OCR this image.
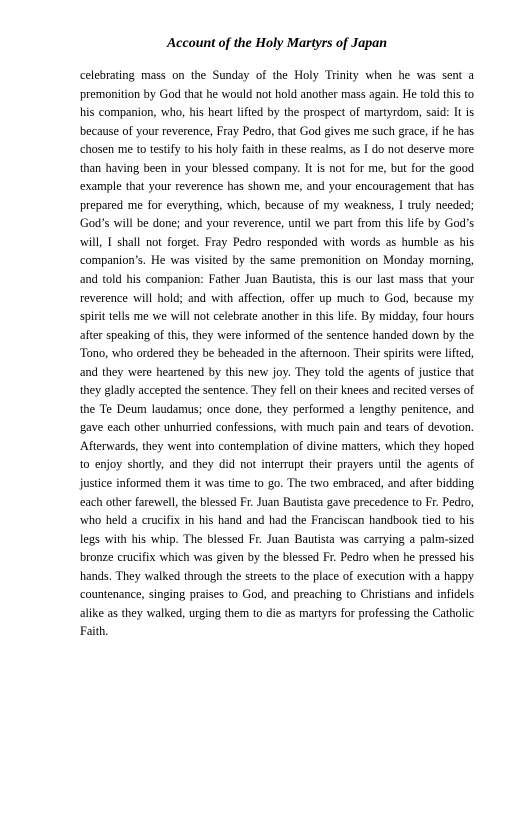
Account of the Holy Martyrs of Japan

celebrating mass on the Sunday of the Holy Trinity when he was sent a premonition by God that he would not hold another mass again. He told this to his companion, who, his heart lifted by the prospect of martyrdom, said: It is because of your reverence, Fray Pedro, that God gives me such grace, if he has chosen me to testify to his holy faith in these realms, as I do not deserve more than having been in your blessed company. It is not for me, but for the good example that your reverence has shown me, and your encouragement that has prepared me for everything, which, because of my weakness, I truly needed; God’s will be done; and your reverence, until we part from this life by God’s will, I shall not forget. Fray Pedro responded with words as humble as his companion’s. He was visited by the same premonition on Monday morning, and told his companion: Father Juan Bautista, this is our last mass that your reverence will hold; and with affection, offer up much to God, because my spirit tells me we will not celebrate another in this life. By midday, four hours after speaking of this, they were informed of the sentence handed down by the Tono, who ordered they be beheaded in the afternoon. Their spirits were lifted, and they were heartened by this new joy. They told the agents of justice that they gladly accepted the sentence. They fell on their knees and recited verses of the Te Deum laudamus; once done, they performed a lengthy penitence, and gave each other unhurried confessions, with much pain and tears of devotion. Afterwards, they went into contemplation of divine matters, which they hoped to enjoy shortly, and they did not interrupt their prayers until the agents of justice informed them it was time to go. The two embraced, and after bidding each other farewell, the blessed Fr. Juan Bautista gave precedence to Fr. Pedro, who held a crucifix in his hand and had the Franciscan handbook tied to his legs with his whip. The blessed Fr. Juan Bautista was carrying a palm-sized bronze crucifix which was given by the blessed Fr. Pedro when he pressed his hands. They walked through the streets to the place of execution with a happy countenance, singing praises to God, and preaching to Christians and infidels alike as they walked, urging them to die as martyrs for professing the Catholic Faith.
